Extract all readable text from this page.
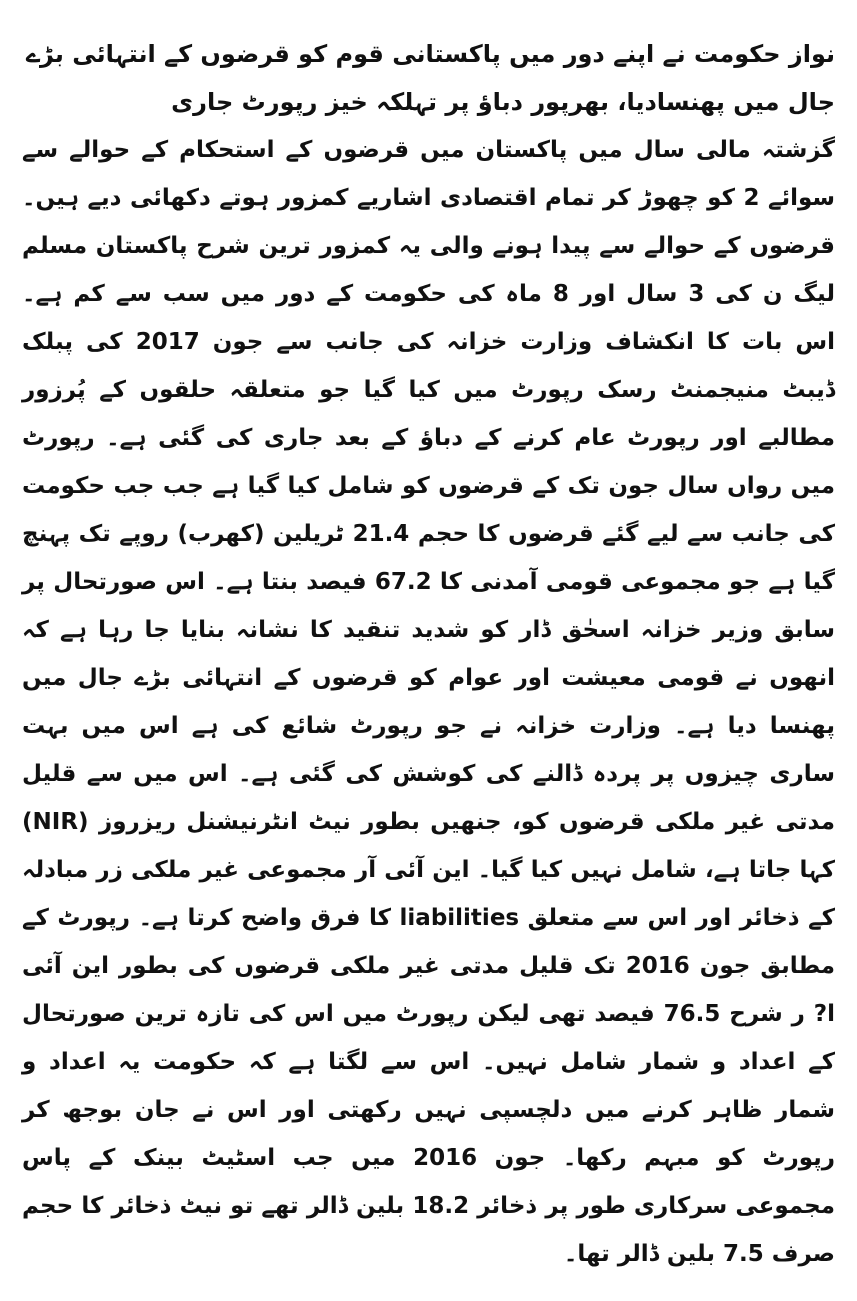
نواز حکومت نے اپنے دور میں پاکستانی قوم کو قرضوں کے انتہائی بڑے جال میں پھنسادیا، بھرپور دباؤ پر تہلکہ خیز رپورٹ جاری

گزشتہ مالی سال میں پاکستان میں قرضوں کے استحکام کے حوالے سے سوائے 2 کو چھوڑ کر تمام اقتصادی اشاریے کمزور ہوتے دکھائی دیے ہیں۔ قرضوں کے حوالے سے پیدا ہونے والی یہ کمزور ترین شرح پاکستان مسلم لیگ ن کی 3 سال اور 8 ماہ کی حکومت کے دور میں سب سے کم ہے۔ اس بات کا انکشاف وزارت خزانہ کی جانب سے جون 2017 کی پبلک ڈیبٹ منیجمنٹ رسک رپورٹ میں کیا گیا جو متعلقہ حلقوں کے پُرزور مطالبے اور رپورٹ عام کرنے کے دباؤ کے بعد جاری کی گئی ہے۔ رپورٹ میں رواں سال جون تک کے قرضوں کو شامل کیا گیا ہے جب جب حکومت کی جانب سے لیے گئے قرضوں کا حجم 21.4 ٹریلین (کھرب) روپے تک پہنچ گیا ہے جو مجموعی قومی آمدنی کا 67.2 فیصد بنتا ہے۔ اس صورتحال پر سابق وزیر خزانہ اسحٰق ڈار کو شدید تنقید کا نشانہ بنایا جا رہا ہے کہ انھوں نے قومی معیشت اور عوام کو قرضوں کے انتہائی بڑے جال میں پھنسا دیا ہے۔ وزارت خزانہ نے جو رپورٹ شائع کی ہے اس میں بہت ساری چیزوں پر پردہ ڈالنے کی کوشش کی گئی ہے۔ اس میں سے قلیل مدتی غیر ملکی قرضوں کو، جنھیں بطور نیٹ انٹرنیشنل ریزروز (NIR) کہا جاتا ہے، شامل نہیں کیا گیا۔ این آئی آر مجموعی غیر ملکی زر مبادلہ کے ذخائر اور اس سے متعلق liabilities کا فرق واضح کرتا ہے۔ رپورٹ کے مطابق جون 2016 تک قلیل مدتی غیر ملکی قرضوں کی بطور این آئی ا? ر شرح 76.5 فیصد تھی لیکن رپورٹ میں اس کی تازہ ترین صورتحال کے اعداد و شمار شامل نہیں۔ اس سے لگتا ہے کہ حکومت یہ اعداد و شمار ظاہر کرنے میں دلچسپی نہیں رکھتی اور اس نے جان بوجھ کر رپورٹ کو مبہم رکھا۔ جون 2016 میں جب اسٹیٹ بینک کے پاس مجموعی سرکاری طور پر ذخائر 18.2 بلین ڈالر تھے تو نیٹ ذخائر کا حجم صرف 7.5 بلین ڈالر تھا۔
